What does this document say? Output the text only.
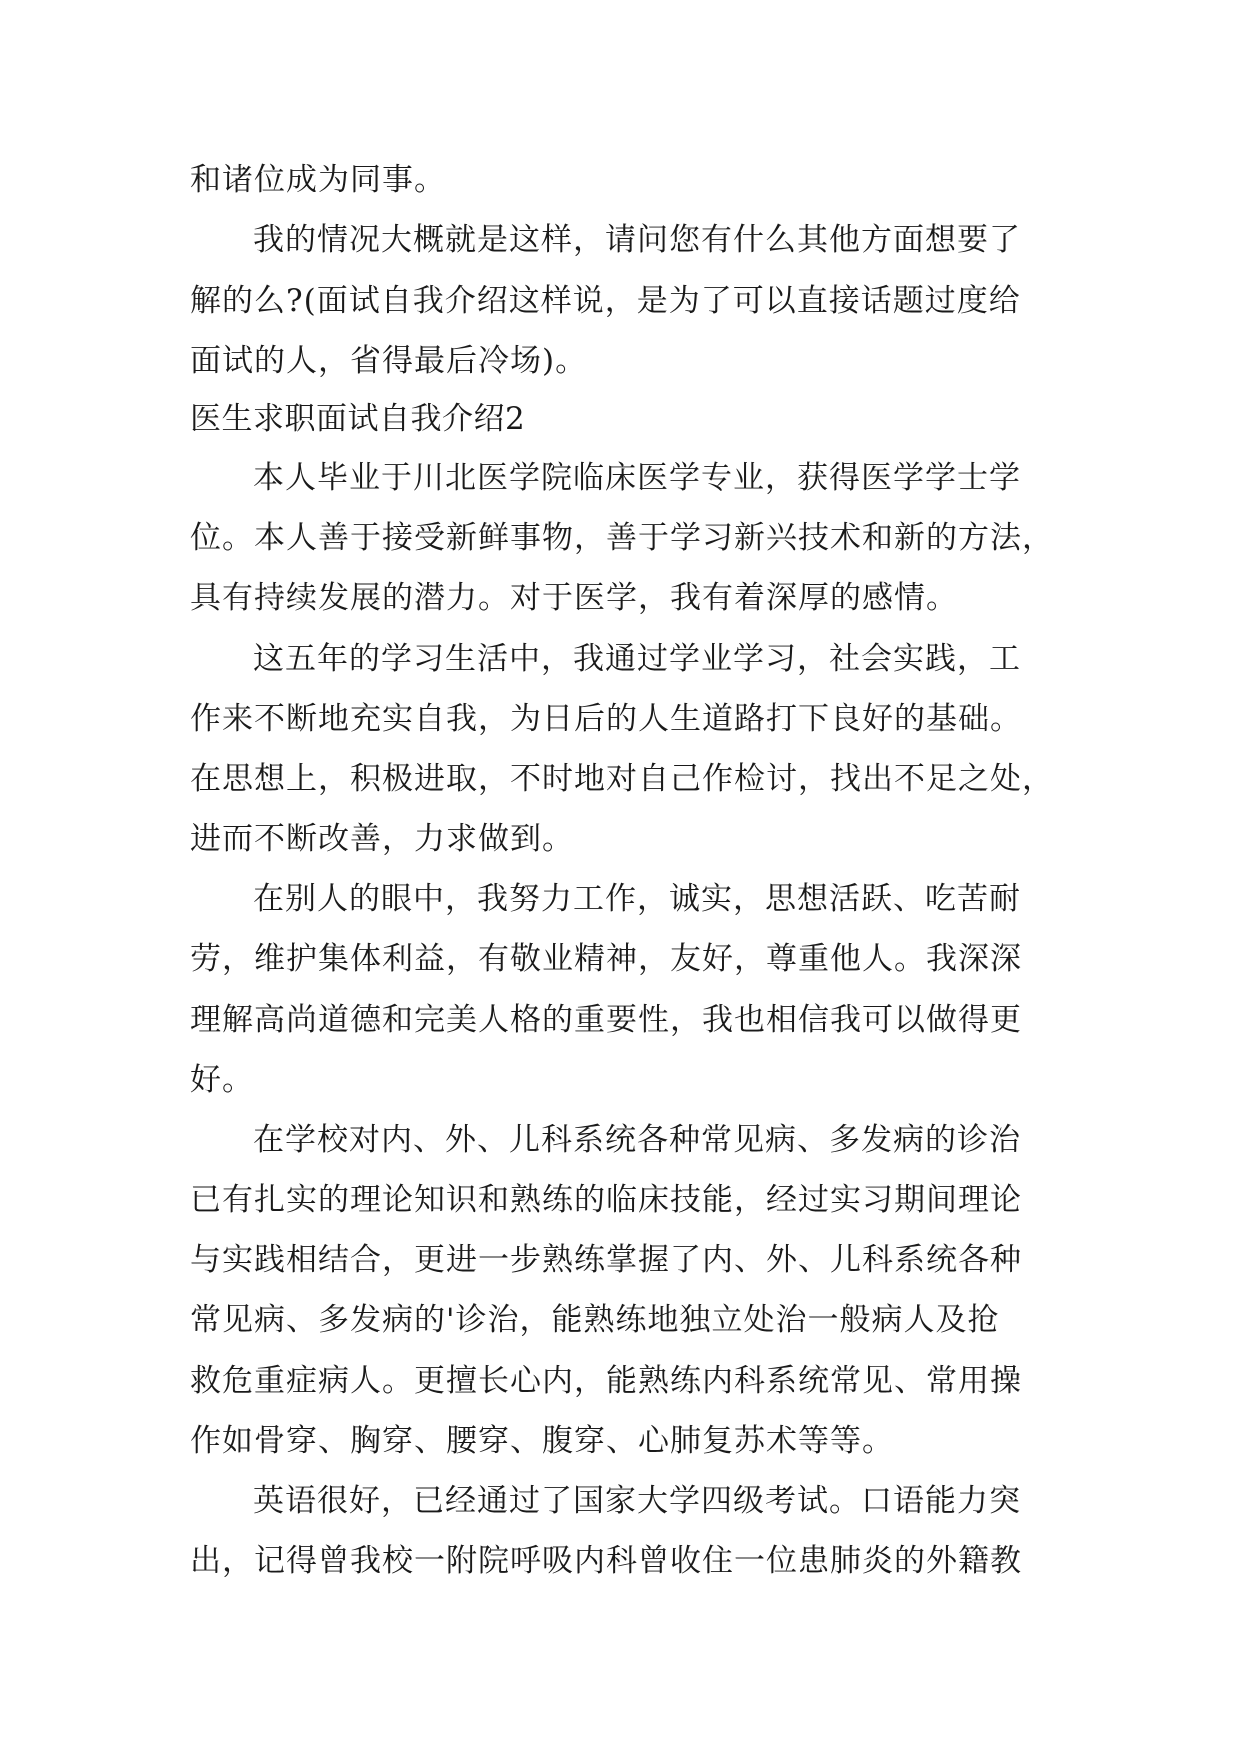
和诸位成为同事。
我的情况大概就是这样，请问您有什么其他方面想要了
解的么?(面试自我介绍这样说，是为了可以直接话题过度给
面试的人，省得最后冷场)。
医生求职面试自我介绍2
本人毕业于川北医学院临床医学专业，获得医学学士学
位。本人善于接受新鲜事物，善于学习新兴技术和新的方法，
具有持续发展的潜力。对于医学，我有着深厚的感情。
这五年的学习生活中，我通过学业学习，社会实践，工
作来不断地充实自我，为日后的人生道路打下良好的基础。
在思想上，积极进取，不时地对自己作检讨，找出不足之处，
进而不断改善，力求做到。
在别人的眼中，我努力工作，诚实，思想活跃、吃苦耐
劳，维护集体利益，有敬业精神，友好，尊重他人。我深深
理解高尚道德和完美人格的重要性，我也相信我可以做得更
好。
在学校对内、外、儿科系统各种常见病、多发病的诊治
已有扎实的理论知识和熟练的临床技能，经过实习期间理论
与实践相结合，更进一步熟练掌握了内、外、儿科系统各种
常见病、多发病的'诊治，能熟练地独立处治一般病人及抢
救危重症病人。更擅长心内，能熟练内科系统常见、常用操
作如骨穿、胸穿、腰穿、腹穿、心肺复苏术等等。
英语很好，已经通过了国家大学四级考试。口语能力突
出，记得曾我校一附院呼吸内科曾收住一位患肺炎的外籍教
